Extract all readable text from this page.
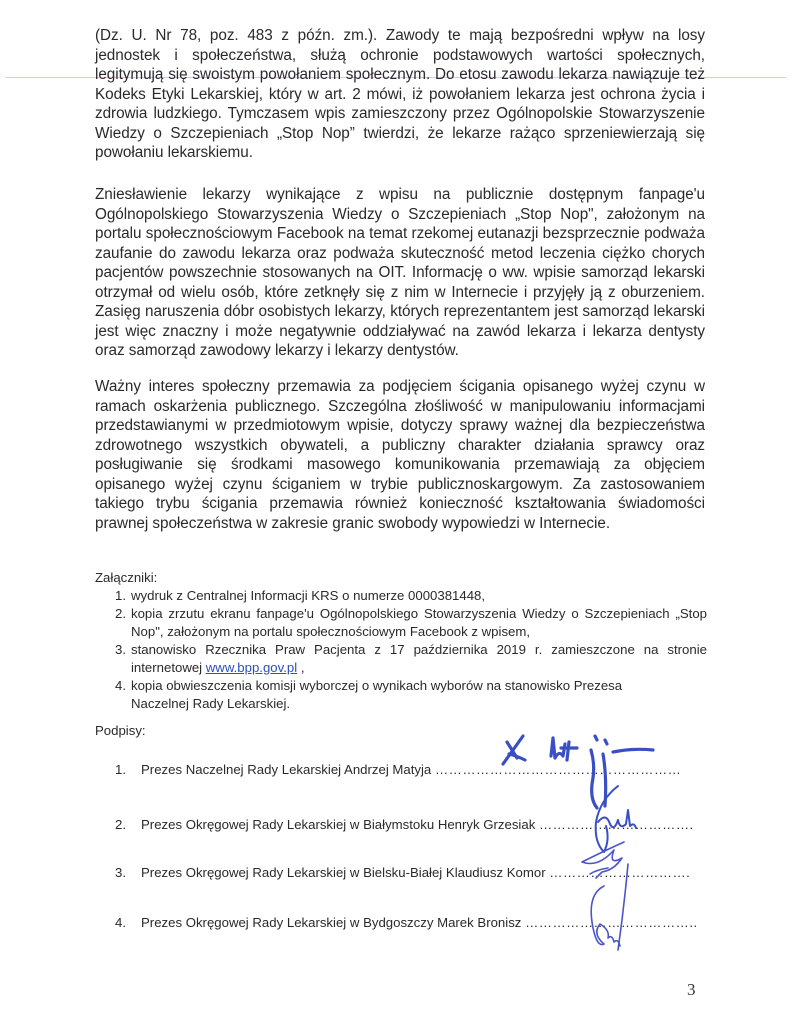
(Dz. U. Nr 78, poz. 483 z późn. zm.). Zawody te mają bezpośredni wpływ na losy jednostek i społeczeństwa, służą ochronie podstawowych wartości społecznych, legitymują się swoistym powołaniem społecznym. Do etosu zawodu lekarza nawiązuje też Kodeks Etyki Lekarskiej, który w art. 2 mówi, iż powołaniem lekarza jest ochrona życia i zdrowia ludzkiego. Tymczasem wpis zamieszczony przez Ogólnopolskie Stowarzyszenie Wiedzy o Szczepieniach „Stop Nop” twierdzi, że lekarze rażąco sprzeniewierzają się powołaniu lekarskiemu.

Zniesławienie lekarzy wynikające z wpisu na publicznie dostępnym fanpage'u Ogólnopolskiego Stowarzyszenia Wiedzy o Szczepieniach „Stop Nop", założonym na portalu społecznościowym Facebook na temat rzekomej eutanazji bezsprzecznie podważa zaufanie do zawodu lekarza oraz podważa skuteczność metod leczenia ciężko chorych pacjentów powszechnie stosowanych na OIT. Informację o ww. wpisie samorząd lekarski otrzymał od wielu osób, które zetknęły się z nim w Internecie i przyjęły ją z oburzeniem. Zasięg naruszenia dóbr osobistych lekarzy, których reprezentantem jest samorząd lekarski jest więc znaczny i może negatywnie oddziaływać na zawód lekarza i lekarza dentysty oraz samorząd zawodowy lekarzy i lekarzy dentystów.

Ważny interes społeczny przemawia za podjęciem ścigania opisanego wyżej czynu w ramach oskarżenia publicznego. Szczególna złośliwość w manipulowaniu informacjami przedstawianymi w przedmiotowym wpisie, dotyczy sprawy ważnej dla bezpieczeństwa zdrowotnego wszystkich obywateli, a publiczny charakter działania sprawcy oraz posługiwanie się środkami masowego komunikowania przemawiają za objęciem opisanego wyżej czynu ściganiem w trybie publicznoskargowym. Za zastosowaniem takiego trybu ścigania przemawia również konieczność kształtowania świadomości prawnej społeczeństwa w zakresie granic swobody wypowiedzi w Internecie.

Załączniki:

1. wydruk z Centralnej Informacji KRS o numerze 0000381448,
2. kopia zrzutu ekranu fanpage'u Ogólnopolskiego Stowarzyszenia Wiedzy o Szczepieniach „Stop Nop", założonym na portalu społecznościowym Facebook z wpisem,
3. stanowisko Rzecznika Praw Pacjenta z 17 października 2019 r. zamieszczone na stronie internetowej www.bpp.gov.pl ,
4. kopia obwieszczenia komisji wyborczej o wynikach wyborów na stanowisko Prezesa Naczelnej Rady Lekarskiej.

Podpisy:

1. Prezes Naczelnej Rady Lekarskiej Andrzej Matyja ………………………………………………
2. Prezes Okręgowej Rady Lekarskiej w Białymstoku Henryk Grzesiak …………………………….
3. Prezes Okręgowej Rady Lekarskiej w Bielsku-Białej Klaudiusz Komor ………………………….
4. Prezes Okręgowej Rady Lekarskiej w Bydgoszczy Marek Bronisz ………………………………..
3
